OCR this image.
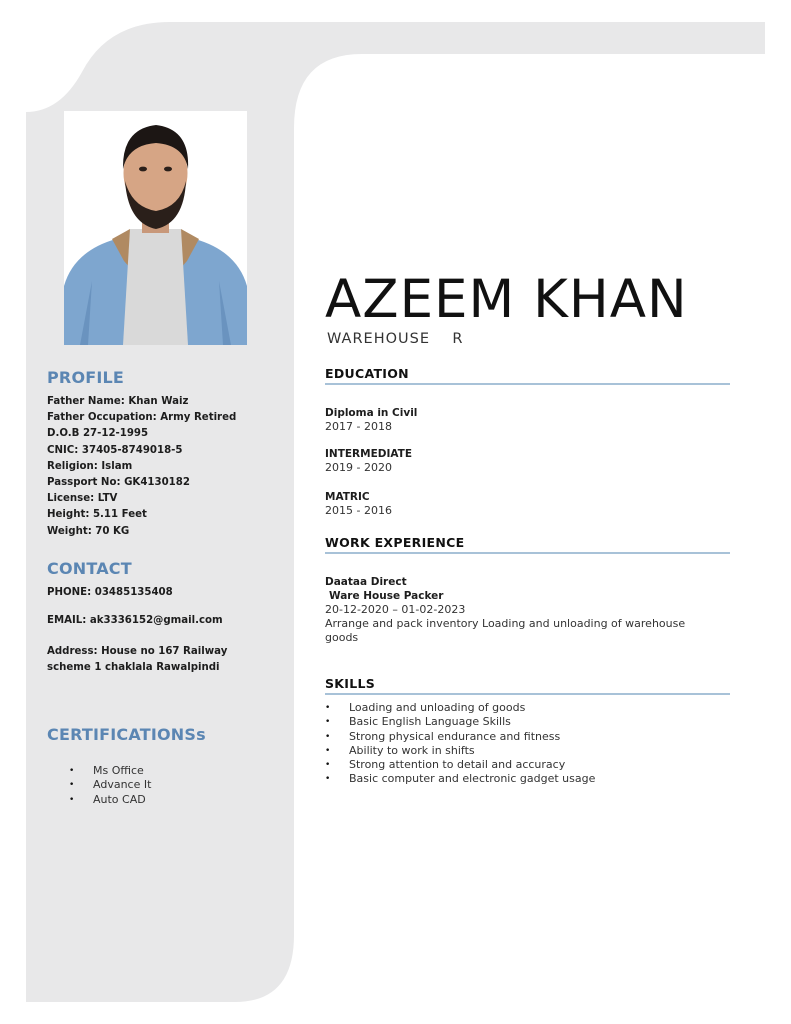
PROFILE
Father Name: Khan Waiz
Father Occupation: Army Retired
D.O.B 27-12-1995
CNIC: 37405-8749018-5
Religion: Islam
Passport No: GK4130182
License: LTV
Height: 5.11 Feet
Weight: 70 KG
CONTACT

PHONE: 03485135408

EMAIL: ak3336152@gmail.com

Address: House no 167 Railway scheme 1 chaklala Rawalpindi

CERTIFICATIONSs
• Ms Office
• Advance It
• Auto CAD
AZEEM KHAN
WAREHOUSE    R
EDUCATION
Diploma in Civil
2017 - 2018
INTERMEDIATE
2019 - 2020
MATRIC
2015 - 2016
WORK EXPERIENCE
Daataa Direct
Ware House Packer
20-12-2020 – 01-02-2023
Arrange and pack inventory Loading and unloading of warehouse goods
SKILLS
• Loading and unloading of goods
• Basic English Language Skills
• Strong physical endurance and fitness
• Ability to work in shifts
• Strong attention to detail and accuracy
• Basic computer and electronic gadget usage
